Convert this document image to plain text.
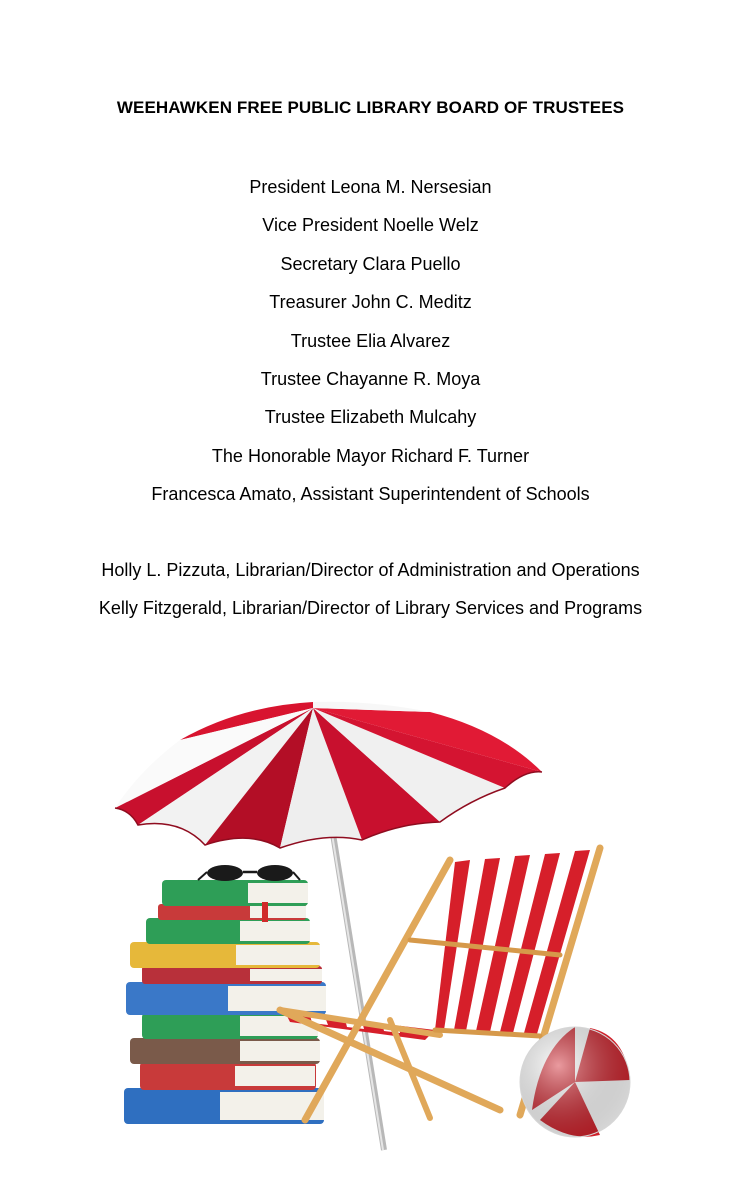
WEEHAWKEN FREE PUBLIC LIBRARY BOARD OF TRUSTEES
President Leona M. Nersesian
Vice President Noelle Welz
Secretary Clara Puello
Treasurer John C. Meditz
Trustee Elia Alvarez
Trustee Chayanne R. Moya
Trustee Elizabeth Mulcahy
The Honorable Mayor Richard F. Turner
Francesca Amato, Assistant Superintendent of Schools
Holly L. Pizzuta, Librarian/Director of Administration and Operations
Kelly Fitzgerald, Librarian/Director of Library Services and Programs
